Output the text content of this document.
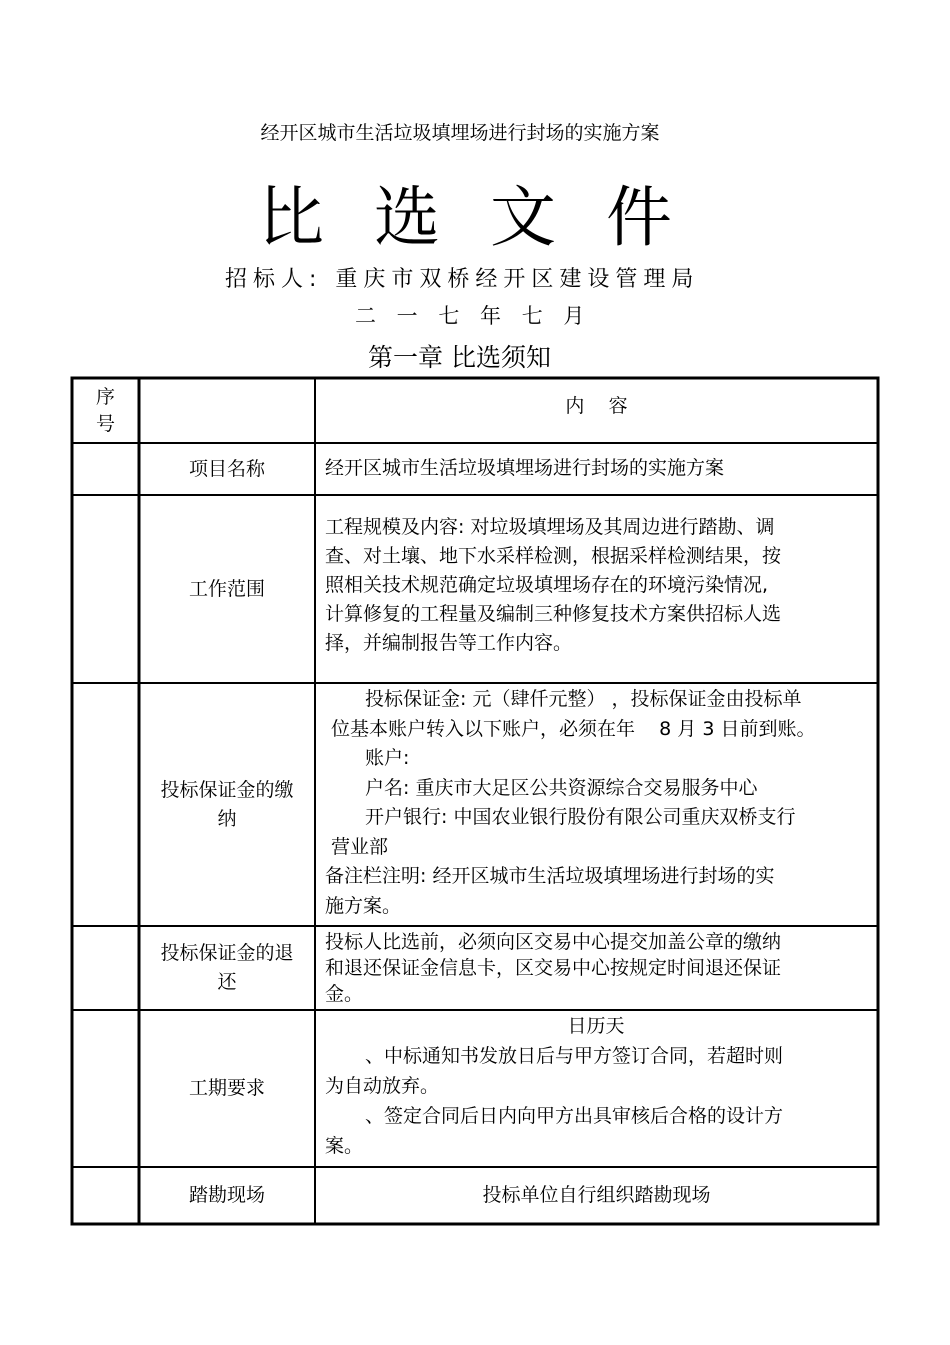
经开区城市生活垃圾填埋场进行封场的实施方案
比选文件
招标人: 重庆市双桥经开区建设管理局
二 一 七 年 七 月
第一章 比选须知
序
号
内    容
项目名称	经开区城市生活垃圾填埋场进行封场的实施方案
工作范围
工程规模及内容: 对垃圾填埋场及其周边进行踏勘、调
查、对土壤、地下水采样检测，根据采样检测结果，按
照相关技术规范确定垃圾填埋场存在的环境污染情况,
计算修复的工程量及编制三种修复技术方案供招标人选
择，并编制报告等工作内容。
投标保证金的缴
纳
投标保证金: 元（肆仟元整） ，投标保证金由投标单
位基本账户转入以下账户，必须在年    8 月 3 日前到账。
账户:
户名: 重庆市大足区公共资源综合交易服务中心
开户银行: 中国农业银行股份有限公司重庆双桥支行
营业部
备注栏注明: 经开区城市生活垃圾填埋场进行封场的实
施方案。
投标保证金的退
还
投标人比选前，必须向区交易中心提交加盖公章的缴纳
和退还保证金信息卡，区交易中心按规定时间退还保证
金。
工期要求
日历天
、中标通知书发放日后与甲方签订合同，若超时则
为自动放弃。
、签定合同后日内向甲方出具审核后合格的设计方
案。
踏勘现场	投标单位自行组织踏勘现场
